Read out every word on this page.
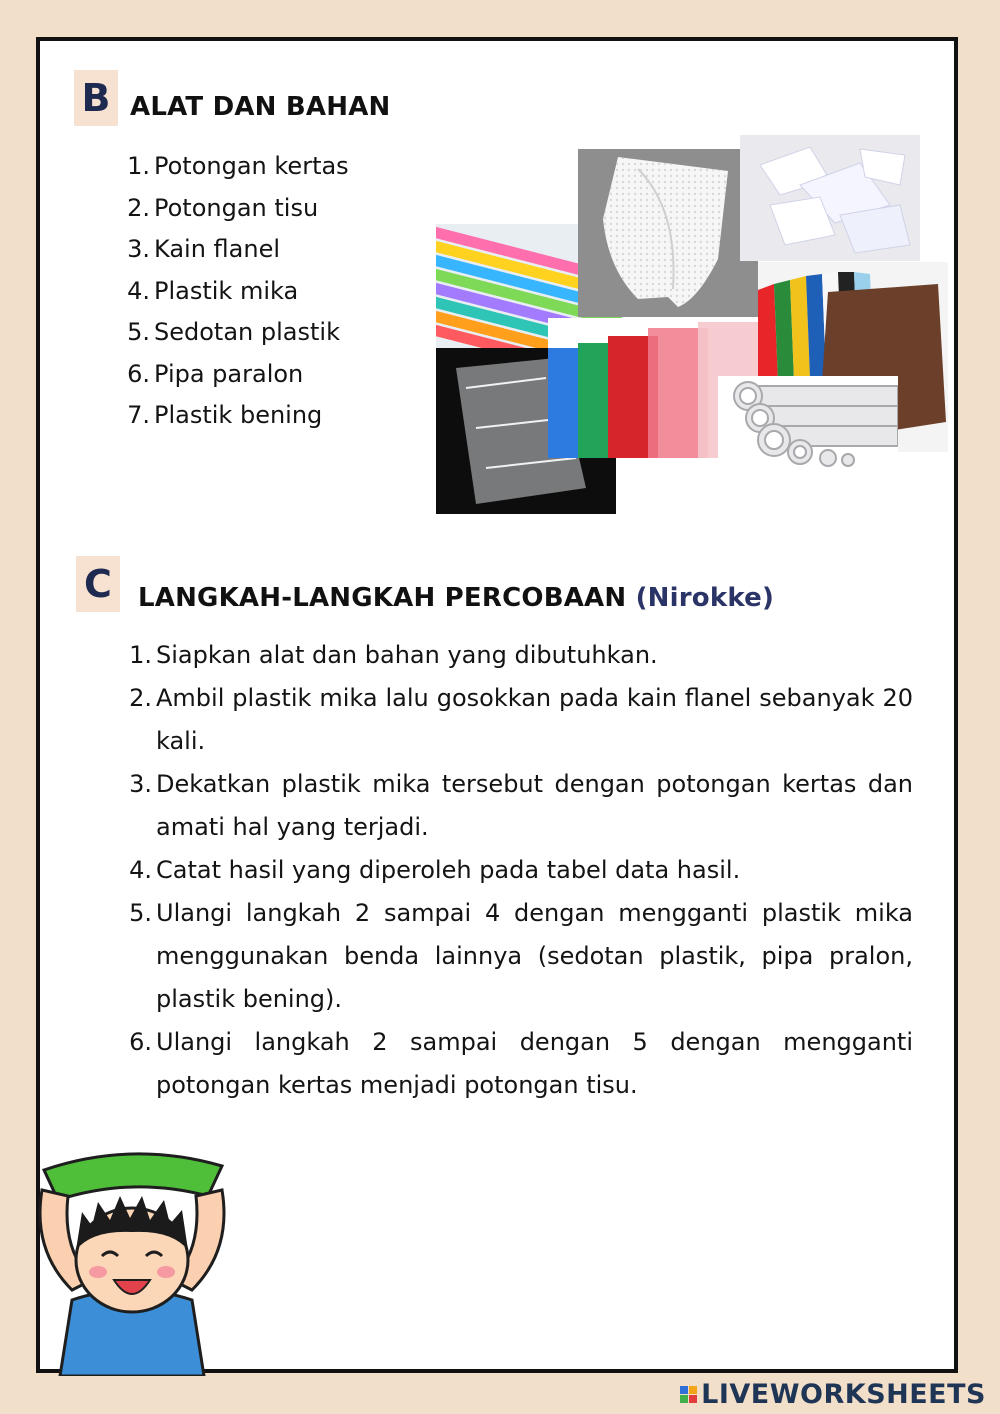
B ALAT DAN BAHAN
1. Potongan kertas
2. Potongan tisu
3. Kain flanel
4. Plastik mika
5. Sedotan plastik
6. Pipa paralon
7. Plastik bening
C	LANGKAH-LANGKAH PERCOBAAN (Nirokke)
1. Siapkan alat dan bahan yang dibutuhkan.
2. Ambil plastik mika lalu gosokkan pada kain flanel sebanyak 20 kali.
3. Dekatkan plastik mika tersebut dengan potongan kertas dan amati hal yang terjadi.
4. Catat hasil yang diperoleh pada tabel data hasil.
5. Ulangi langkah 2 sampai 4 dengan mengganti plastik mika menggunakan benda lainnya (sedotan plastik, pipa pralon, plastik bening).
6. Ulangi langkah 2 sampai dengan 5 dengan mengganti potongan kertas menjadi potongan tisu.
LIVEWORKSHEETS
